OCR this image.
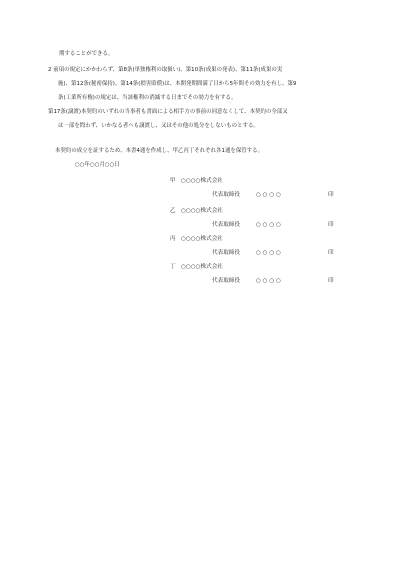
期することができる。
2 前項の規定にかかわらず、第8条(単独権利の取扱い)、第10条(成果の発表)、第11条(成果の実
施)、第12条(秘密保持)、第14条(損害賠償)は、本開発期間満了日から5年間その効力を有し、第9
条(工業所有権)の規定は、当該権利の消滅する日までその効力を有する。
第17条(譲渡)本契約のいずれの当事者も書面による相手方の事前の同意なくして、本契約の全部又
は一部を問わず、いかなる者へも譲渡し、又はその他の処分をしないものとする。
本契約の成立を証するため、本書4通を作成し、甲乙丙丁それぞれ各1通を保管する。
○○年○○月○○日
甲 ○○○○株式会社
代表取締役	○ ○ ○ ○	印
乙 ○○○○株式会社
代表取締役	○ ○ ○ ○	印
丙 ○○○○株式会社
代表取締役	○ ○ ○ ○	印
丁 ○○○○株式会社
代表取締役	○ ○ ○ ○	印
